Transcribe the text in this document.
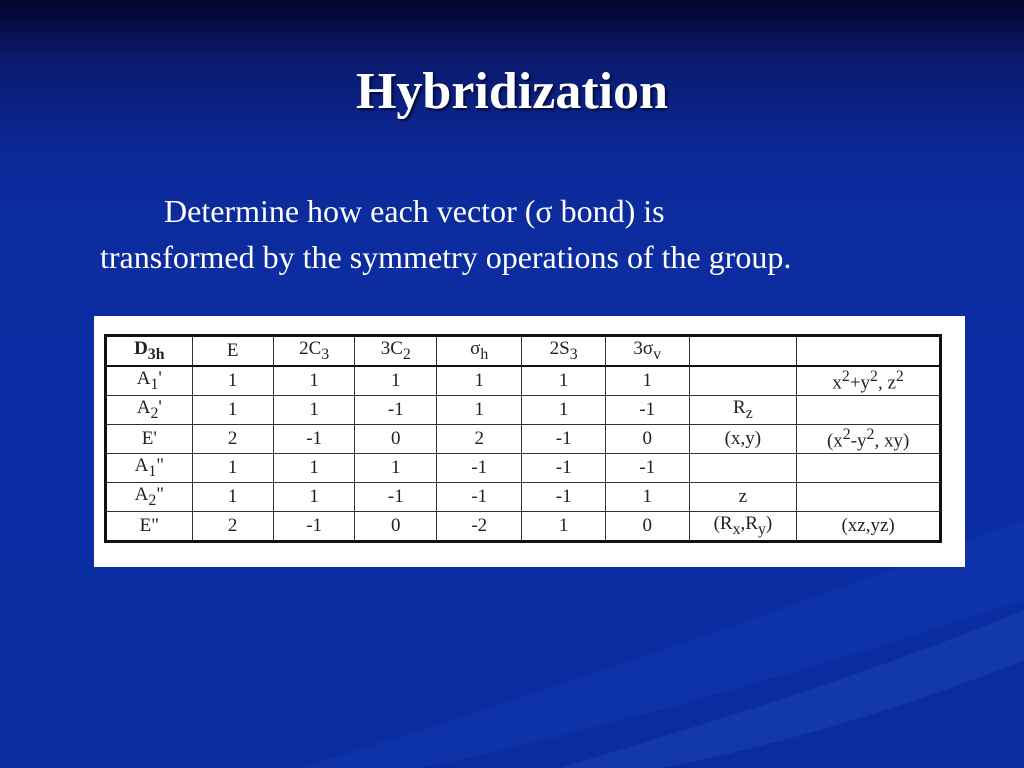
Hybridization
Determine how each vector (σ bond) is
transformed by the symmetry operations of the group.
$D_{3h}$	E	$2C_3$	$3C_2$	$\sigma_h$	$2S_3$	$3\sigma_v$		
$A_1'$	1	1	1	1	1	1		$x^2+y^2$, $z^2$
$A_2'$	1	1	-1	1	1	-1	$R_z$	
E'	2	-1	0	2	-1	0	(x,y)	($x^2-y^2$, xy)
$A_1$"	1	1	1	-1	-1	-1		
$A_2$"	1	1	-1	-1	-1	1	z	
E"	2	-1	0	-2	1	0	$(R_x,R_y)$	(xz,yz)
